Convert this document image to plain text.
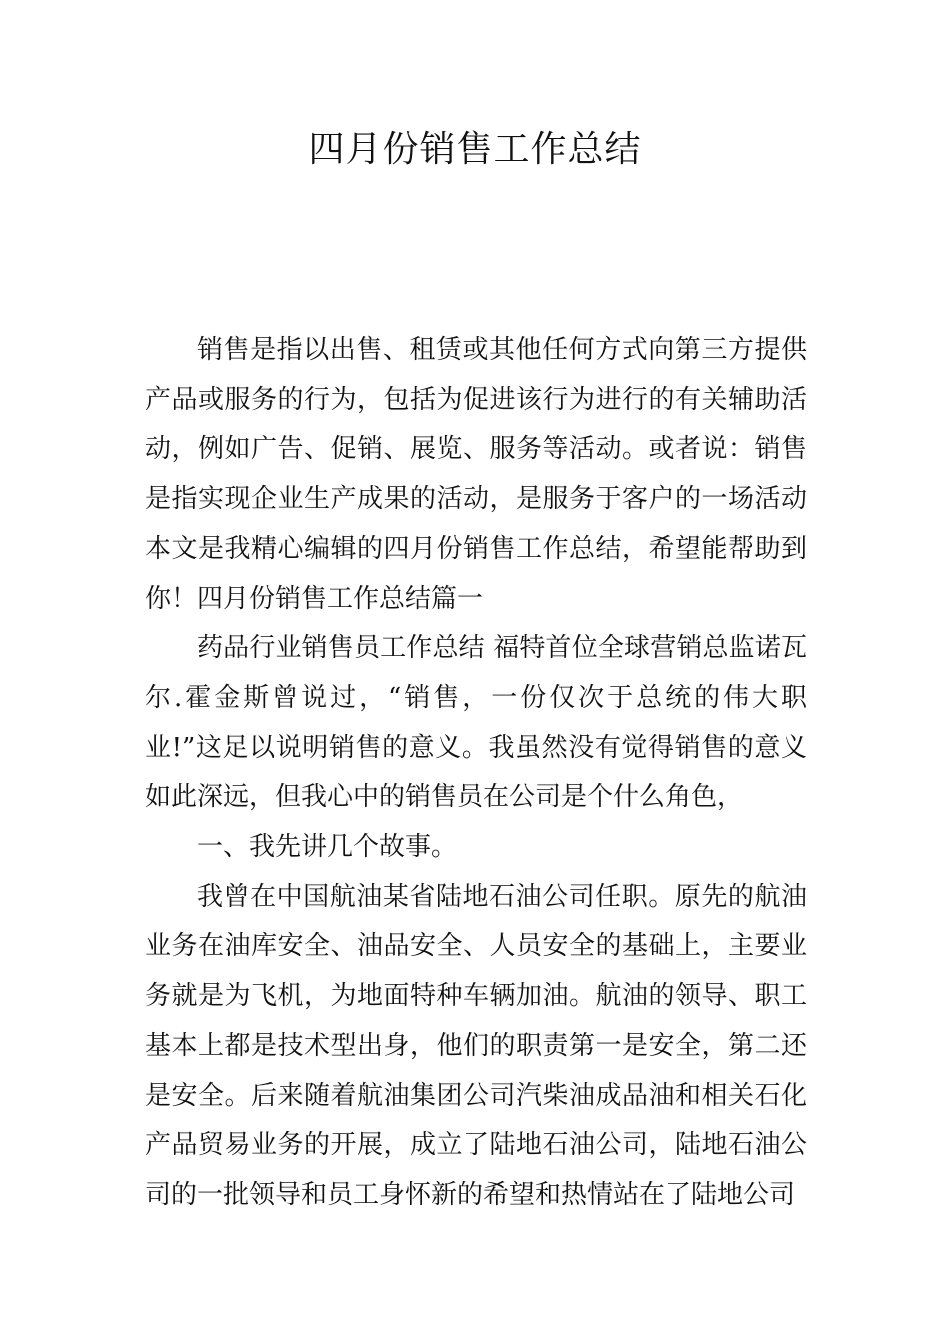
四月份销售工作总结

销售是指以出售、租赁或其他任何方式向第三方提供产品或服务的行为，包括为促进该行为进行的有关辅助活动，例如广告、促销、展览、服务等活动。或者说：销售是指实现企业生产成果的活动，是服务于客户的一场活动本文是我精心编辑的四月份销售工作总结，希望能帮助到你！四月份销售工作总结篇一

药品行业销售员工作总结 福特首位全球营销总监诺瓦尔.霍金斯曾说过，“销售，一份仅次于总统的伟大职业!”这足以说明销售的意义。我虽然没有觉得销售的意义如此深远，但我心中的销售员在公司是个什么角色，

一、我先讲几个故事。

我曾在中国航油某省陆地石油公司任职。原先的航油业务在油库安全、油品安全、人员安全的基础上，主要业务就是为飞机，为地面特种车辆加油。航油的领导、职工基本上都是技术型出身，他们的职责第一是安全，第二还是安全。后来随着航油集团公司汽柴油成品油和相关石化产品贸易业务的开展，成立了陆地石油公司，陆地石油公司的一批领导和员工身怀新的希望和热情站在了陆地公司
